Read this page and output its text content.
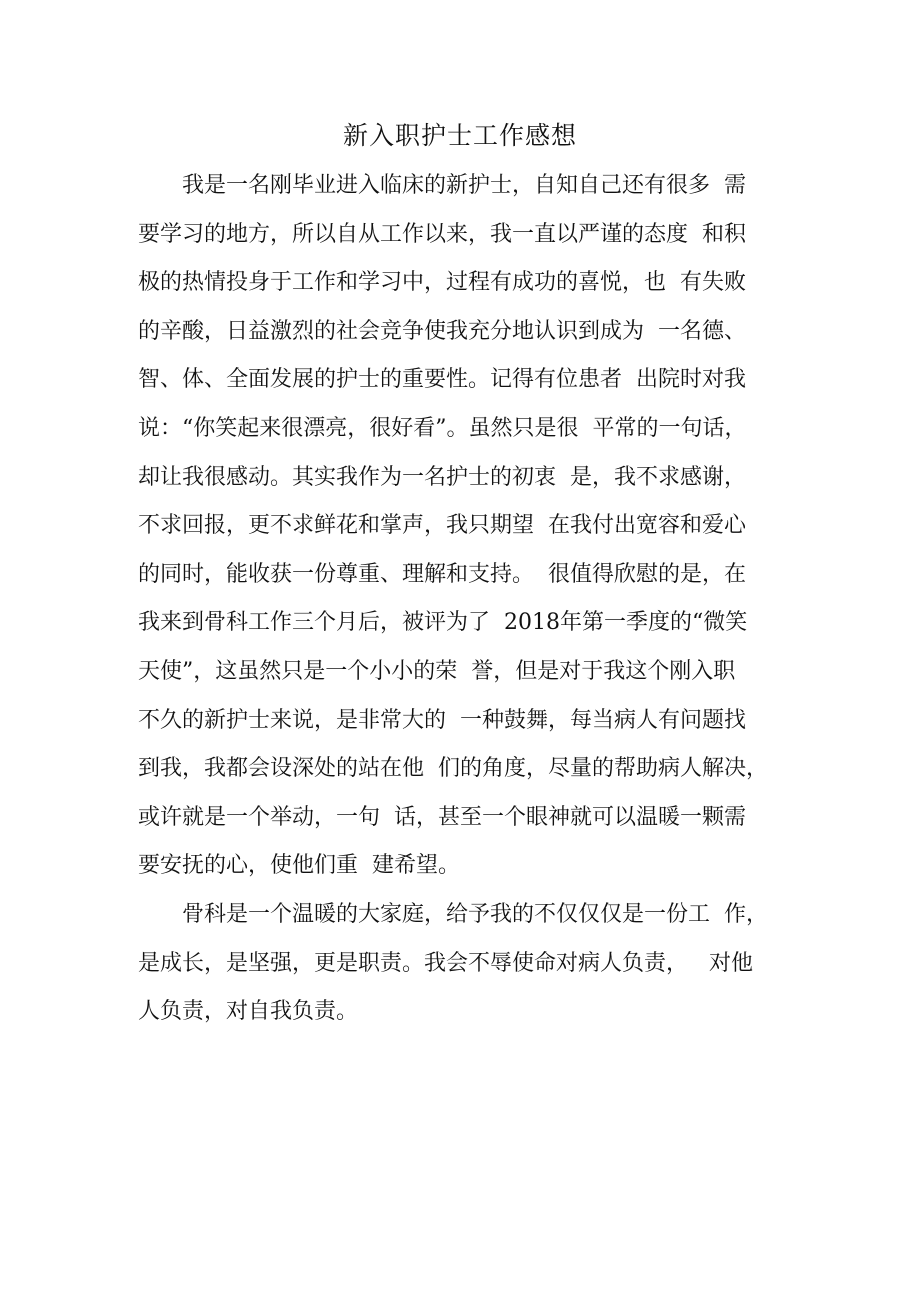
新入职护士工作感想
我是一名刚毕业进入临床的新护士，自知自己还有很多  需
要学习的地方，所以自从工作以来，我一直以严谨的态度  和积
极的热情投身于工作和学习中，过程有成功的喜悦，也  有失败
的辛酸，日益激烈的社会竞争使我充分地认识到成为  一名德、
智、体、全面发展的护士的重要性。记得有位患者  出院时对我
说：“你笑起来很漂亮，很好看”。虽然只是很  平常的一句话，
却让我很感动。其实我作为一名护士的初衷  是，我不求感谢，
不求回报，更不求鲜花和掌声，我只期望  在我付出宽容和爱心
的同时，能收获一份尊重、理解和支持。  很值得欣慰的是，在
我来到骨科工作三个月后，被评为了  2018年第一季度的“微笑
天使”，这虽然只是一个小小的荣  誉，但是对于我这个刚入职
不久的新护士来说，是非常大的  一种鼓舞，每当病人有问题找
到我，我都会设深处的站在他  们的角度，尽量的帮助病人解决，
或许就是一个举动，一句  话，甚至一个眼神就可以温暖一颗需
要安抚的心，使他们重  建希望。
骨科是一个温暖的大家庭，给予我的不仅仅仅是一份工  作，
是成长，是坚强，更是职责。我会不辱使命对病人负责，   对他
人负责，对自我负责。
